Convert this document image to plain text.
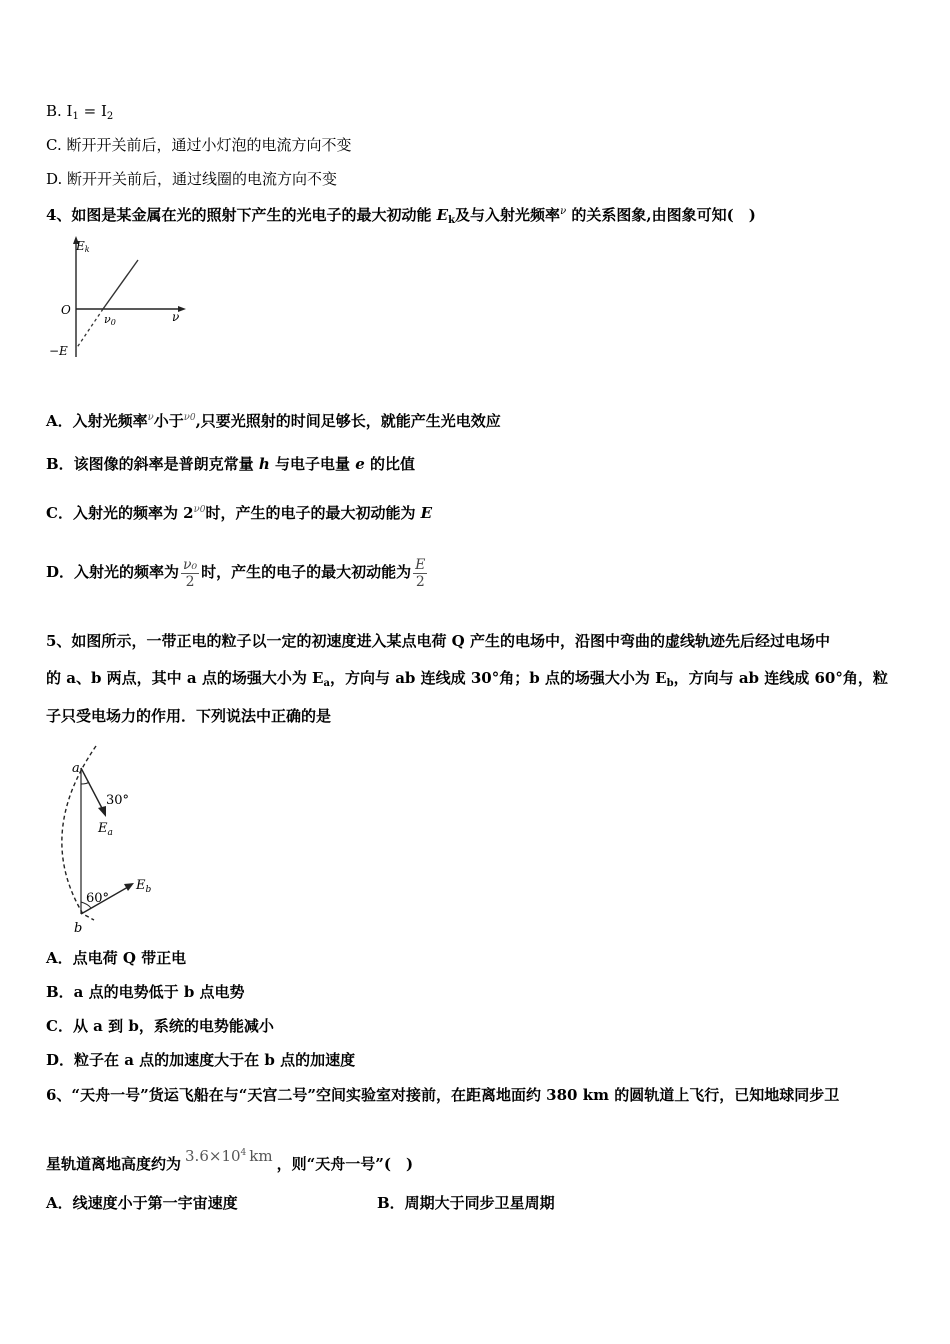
B. $I_1 = I_2$
C. 断开开关前后，通过小灯泡的电流方向不变
D. 断开开关前后，通过线圈的电流方向不变
4、如图是某金属在光的照射下产生的光电子的最大初动能 $E_k$及与入射光频率$^\nu$ 的关系图象,由图象可知(　)
Ek
O
ν0	ν
−E
A．入射光频率$^\nu$小于$^{\nu 0}$,只要光照射的时间足够长，就能产生光电效应
B．该图像的斜率是普朗克常量 h 与电子电量 e 的比值
C．入射光的频率为 $2^{\nu 0}$时，产生的电子的最大初动能为 E
D．入射光的频率为 $\frac{\text{ν₀}}{2}$ 时，产生的电子的最大初动能为 $\frac{E}{2}$
5、如图所示，一带正电的粒子以一定的初速度进入某点电荷 Q 产生的电场中，沿图中弯曲的虚线轨迹先后经过电场中
的 a、b 两点，其中 a 点的场强大小为 $E_a$，方向与 ab 连线成 30°角；b 点的场强大小为 $E_b$，方向与 ab 连线成 60°角，粒
子只受电场力的作用．下列说法中正确的是
a
b
30°
60°
$E_a$
$E_b$
A．点电荷 Q 带正电
B．a 点的电势低于 b 点电势
C．从 a 到 b，系统的电势能减小
D．粒子在 a 点的加速度大于在 b 点的加速度
6、“天舟一号”货运飞船在与“天宫二号”空间实验室对接前，在距离地面约 380 km 的圆轨道上飞行，已知地球同步卫
星轨道离地高度约为 $3.6\times 10^4$ km ，则“天舟一号”(　)
A．线速度小于第一宇宙速度	B．周期大于同步卫星周期
